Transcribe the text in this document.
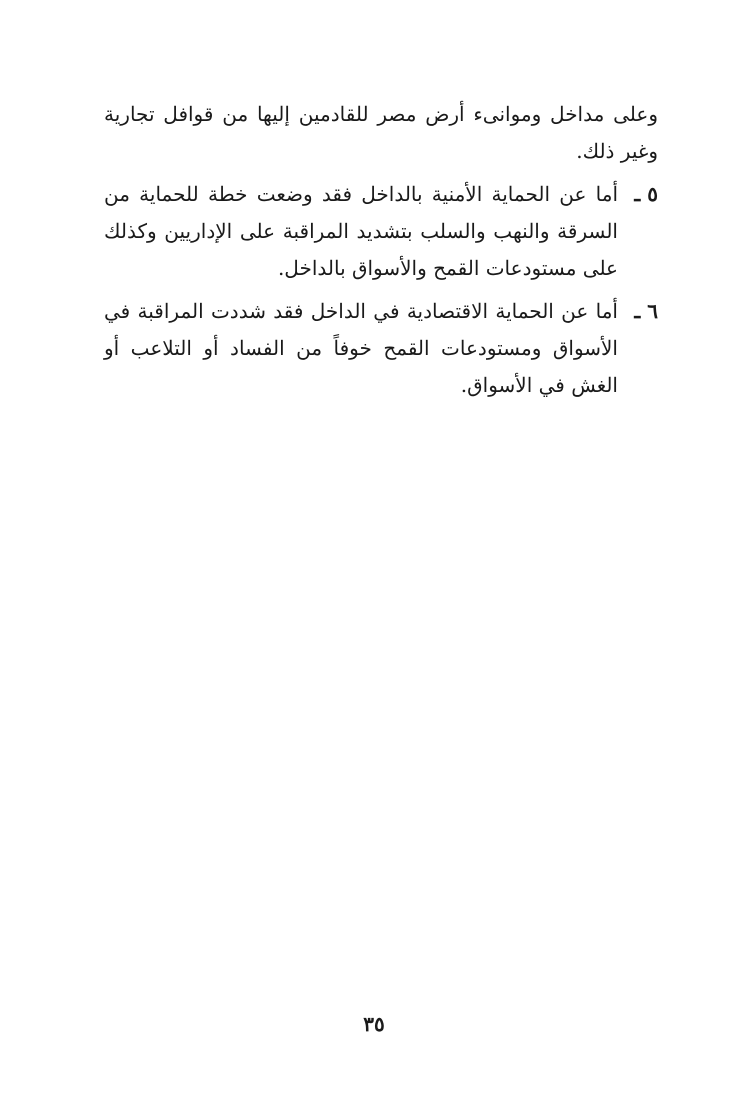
وعلى مداخل وموانىء أرض مصر للقادمين إليها من قوافل تجارية وغير ذلك.

٥ ـ
أما عن الحماية الأمنية بالداخل فقد وضعت خطة للحماية من السرقة والنهب والسلب بتشديد المراقبة على الإداريين وكذلك على مستودعات القمح والأسواق بالداخل.
٦ ـ
أما عن الحماية الاقتصادية في الداخل فقد شددت المراقبة في الأسواق ومستودعات القمح خوفاً من الفساد أو التلاعب أو الغش في الأسواق.
٣٥
